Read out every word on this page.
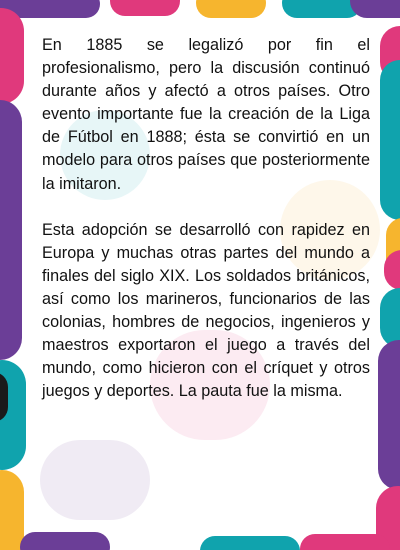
En 1885 se legalizó por fin el profesionalismo, pero la discusión continuó durante años y afectó a otros países. Otro evento importante fue la creación de la Liga de Fútbol en 1888; ésta se convirtió en un modelo para otros países que posteriormente la imitaron.

Esta adopción se desarrolló con rapidez en Europa y muchas otras partes del mundo a finales del siglo XIX. Los soldados británicos, así como los marineros, funcionarios de las colonias, hombres de negocios, ingenieros y maestros exportaron el juego a través del mundo, como hicieron con el críquet y otros juegos y deportes. La pauta fue la misma.
